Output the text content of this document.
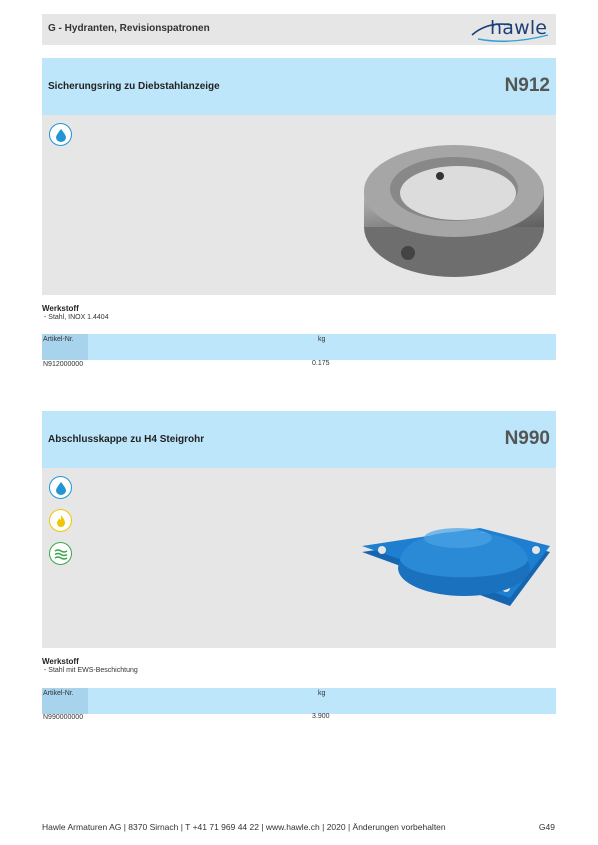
G - Hydranten, Revisionspatronen	hawle
Sicherungsring zu Diebstahlanzeige	N912
Werkstoff
- Stahl, INOX 1.4404
Artikel-Nr.	kg
N912000000	0.175
Abschlusskappe zu H4 Steigrohr	N990
Werkstoff
- Stahl mit EWS-Beschichtung
Artikel-Nr.	kg
N990000000	3.900
Hawle Armaturen AG | 8370 Sirnach | T +41 71 969 44 22 | www.hawle.ch | 2020 | Änderungen vorbehalten	G49
